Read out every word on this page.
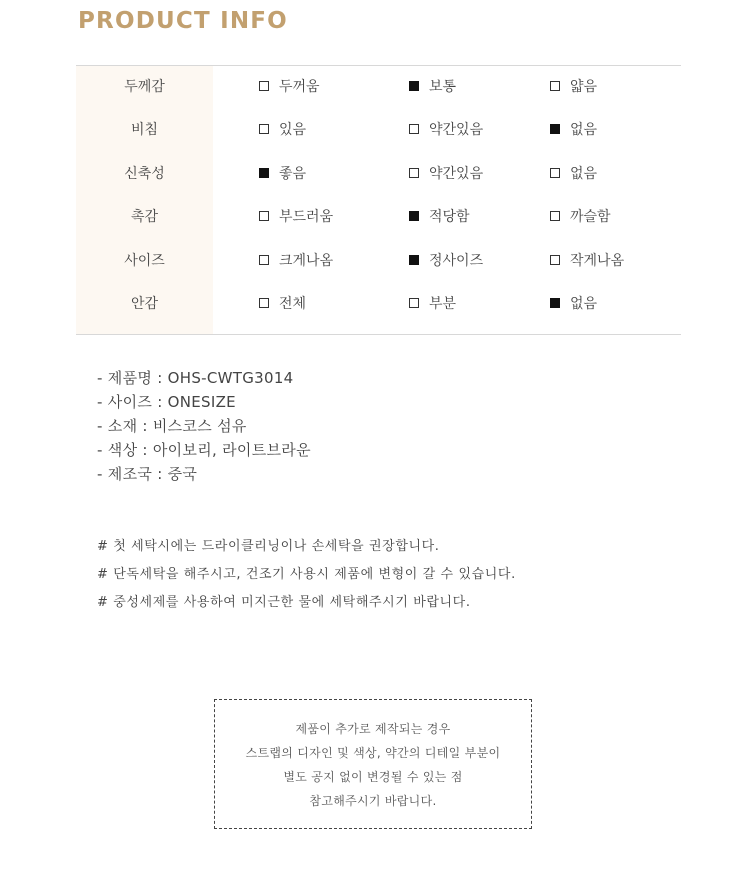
PRODUCT INFO
두께감	두꺼움	보통	얇음
비침	있음	약간있음	없음
신축성	좋음	약간있음	없음
촉감	부드러움	적당함	까슬함
사이즈	크게나옴	정사이즈	작게나옴
안감	전체	부분	없음
- 제품명 : OHS-CWTG3014
- 사이즈 : ONESIZE
- 소재 : 비스코스 섬유
- 색상 : 아이보리, 라이트브라운
- 제조국 : 중국
# 첫 세탁시에는 드라이클리닝이나 손세탁을 권장합니다.
# 단독세탁을 해주시고, 건조기 사용시 제품에 변형이 갈 수 있습니다.
# 중성세제를 사용하여 미지근한 물에 세탁해주시기 바랍니다.
제품이 추가로 제작되는 경우
스트랩의 디자인 및 색상, 약간의 디테일 부분이
별도 공지 없이 변경될 수 있는 점
참고해주시기 바랍니다.
